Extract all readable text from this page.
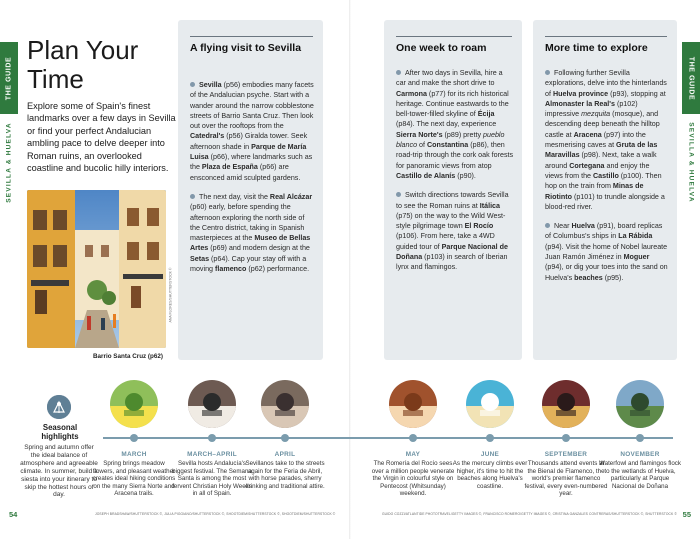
THE GUIDE
SEVILLA & HUELVA
Plan Your Time

Explore some of Spain's finest landmarks over a few days in Sevilla or find your perfect Andalucian ambling pace to delve deeper into Roman ruins, an overlooked coastline and bucolic hilly interiors.

ANA FLORES/SHUTTERSTOCK ©
Barrio Santa Cruz (p62)
Seasonal highlights
Spring and autumn offer the ideal balance of atmosphere and agreeable climate. In summer, build a siesta into your itinerary to skip the hottest hours of day.
JOSEPH BRADSHAW/SHUTTERSTOCK ©, JULIA PIGGIANO/SHUTTERSTOCK ©, SHOOTDIEM/SHUTTERSTOCK ©, SHOOTDIEM/SHUTTERSTOCK ©
54
THE GUIDE
SEVILLA & HUELVA
GUIDO COZZI/ATLANTIDE PHOTOTRAVEL/GETTY IMAGES ©, FRANCISCO ROMERO/GETTY IMAGES ©, CRISTINA GANZALES CONTRERAS/SHUTTERSTOCK ©, SHUTTERSTOCK © 55
A flying visit to Sevilla

Sevilla (p56) embodies many facets of the Andalucian psyche. Start with a wander around the narrow cobblestone streets of Barrio Santa Cruz. Then look out over the rooftops from the Catedral's (p56) Giralda tower. Seek afternoon shade in Parque de María Luisa (p66), where landmarks such as the Plaza de España (p66) are ensconced amid sculpted gardens.

The next day, visit the Real Alcázar (p60) early, before spending the afternoon exploring the north side of the Centro district, taking in Spanish masterpieces at the Museo de Bellas Artes (p69) and modern design at the Setas (p64). Cap your stay off with a moving flamenco (p62) performance.

One week to roam

After two days in Sevilla, hire a car and make the short drive to Carmona (p77) for its rich historical heritage. Continue eastwards to the bell-tower-filled skyline of Écija (p84). The next day, experience Sierra Norte's (p89) pretty pueblo blanco of Constantina (p86), then road-trip through the cork oak forests for panoramic views from atop Castillo de Alanís (p90).

Switch directions towards Sevilla to see the Roman ruins at Itálica (p75) on the way to the Wild West-style pilgrimage town El Rocío (p106). From here, take a 4WD guided tour of Parque Nacional de Doñana (p103) in search of Iberian lynx and flamingos.

More time to explore

Following further Sevilla explorations, delve into the hinterlands of Huelva province (p93), stopping at Almonaster la Real's (p102) impressive mezquita (mosque), and descending deep beneath the hilltop castle at Aracena (p97) into the mesmerising caves at Gruta de las Maravillas (p98). Next, take a walk around Cortegana and enjoy the views from the Castillo (p100). Then hop on the train from Minas de Riotinto (p101) to trundle alongside a blood-red river.

Near Huelva (p91), board replicas of Columbus's ships in La Rábida (p94). Visit the home of Nobel laureate Juan Ramón Jiménez in Moguer (p94), or dig your toes into the sand on Huelva's beaches (p95).

MARCH
Spring brings meadow flowers, and pleasant weather creates ideal hiking conditions on the many Sierra Norte and Aracena trails.
MARCH–APRIL
Sevilla hosts Andalucía's biggest festival. The Semana Santa is among the most fervent Christian Holy Weeks in all of Spain.
APRIL
Sevillanos take to the streets again for the Feria de Abril, with horse parades, sherry drinking and traditional attire.
MAY
The Romería del Rocío sees over a million people venerate the Virgin in colourful style on Pentecost (Whitsunday) weekend.
JUNE
As the mercury climbs ever higher, it's time to hit the beaches along Huelva's coastline.
SEPTEMBER
Thousands attend events at the Bienal de Flamenco, the world's premier flamenco festival, every even-numbered year.
NOVEMBER
Waterfowl and flamingos flock to the wetlands of Huelva, particularly at Parque Nacional de Doñana
